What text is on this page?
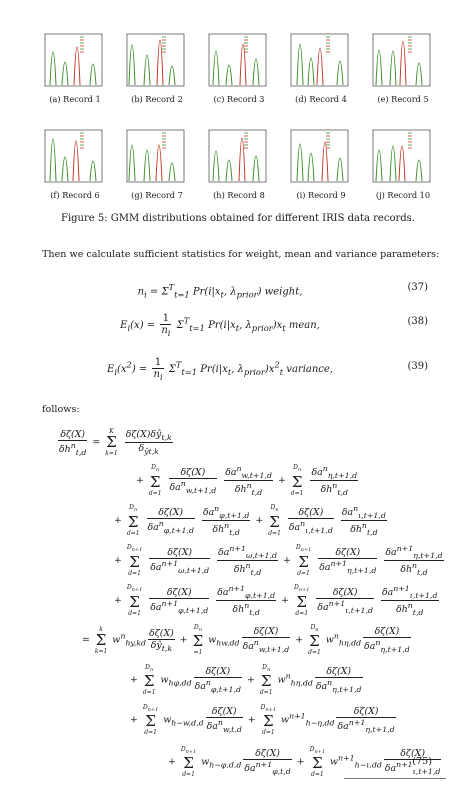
(a) Record 1	(b) Record 2	(c) Record 3	(d) Record 4	(e) Record 5
(f) Record 6	(g) Record 7	(h) Record 8	(i) Record 9	(j) Record 10
Figure 5: GMM distributions obtained for different IRIS data records.
Then we calculate sufficient statistics for weight, mean and variance parameters:
$n_i = \Sigma^T_{t=1}$ $Pr(i|x_t$, $\lambda_{prior}$) weight,	(37)
$E_i(x) = \frac{1}{n_i} \Sigma^T_{t=1}$ $Pr(i|x_t$, $\lambda_{prior})x_t$ mean,	(38)
$E_i(x^2) = \frac{1}{n_i} \Sigma^T_{t=1}$ $Pr(i|x_t$, $\lambda_{prior})x^2_t$ variance,	(39)
follows:
$\frac{\delta\zeta(X)}{\delta h^n_{t,d}}$ =
K
Σ
k=1
$\frac{\delta\zeta(X)\delta ŷ_{t,k}}{\delta_{ŷt,k}}$
+
$D_n$
Σ
d=1
$\frac{\delta\zeta(X)}{\delta a^n_{w,t+1,d}}$
$\frac{\delta a^n_{w,t+1,d}}{\delta h^n_{t,d}}$ +
$D_n$
Σ
d=1
$\frac{\delta a^n_{\eta,t+1,d}}{\delta h^n_{t,d}}$
+
$D_n$
Σ
d=1
$\frac{\delta\zeta(X)}{\delta a^n_{\varphi,t+1,d}}$
$\frac{\delta a^n_{\varphi,t+1,d}}{\delta h^n_{t,d}}$ +
$D_n$
Σ
d=1
$\frac{\delta\zeta(X)}{\delta a^n_{\iota,t+1,d}}$
$\frac{\delta a^n_{\iota,t+1,d}}{\delta h^n_{t,d}}$
+
$D_{n+1}$
Σ
d=1
$\frac{\delta\zeta(X)}{\delta a^{n+1}_{\omega,t+1,d}}$
$\frac{\delta a^{n+1}_{\omega,t+1,d}}{\delta h^n_{t,d}}$ +
$D_{n+1}$
Σ
d=1
$\frac{\delta\zeta(X)}{\delta a^{n+1}_{\eta,t+1,d}}$
$\frac{\delta a^{n+1}_{\eta,t+1,d}}{\delta h^n_{t,d}}$
+
$D_{n+1}$
Σ
d=1
$\frac{\delta\zeta(X)}{\delta a^{n+1}_{\varphi,t+1,d}}$
$\frac{\delta a^{n+1}_{\varphi,t+1,d}}{\delta h^n_{t,d}}$ +
$D_{n+1}$
Σ
d=1
$\frac{\delta\zeta(X)}{\delta a^{n+1}_{\iota,t+1,d}}$
$\frac{\delta a^{n+1}_{\iota,t+1,d}}{\delta h^n_{t,d}}$
=
k
Σ
k=1
$w^n_{hy,kd} \frac{\delta\zeta(X)}{\delta ŷ_{t,k}}$ +
$D_n$
Σ
=1
$w_{hw,dd} \frac{\delta\zeta(X)}{\delta a^n_{w,t+1,d}}$ +
$D_n$
Σ
d=1
$w^n_{h\eta,dd} \frac{\delta\zeta(X)}{\delta a^n_{\eta,t+1,d}}$
+
$D_n$
Σ
d=1
$w_{h\varphi,dd} \frac{\delta\zeta(X)}{\delta a^n_{\varphi,t+1,d}}$ +
$D_n$
Σ
d=1
$w^n_{h\eta,dd} \frac{\delta\zeta(X)}{\delta a^n_{\eta,t+1,d}}$
+
$D_{n+1}$
Σ
d=1
$w_{h-w,d,d} \frac{\delta\zeta(X)}{\delta a^n_{w,t,d}}$ +
$D_{n+1}$
Σ
d=1
$w^{n+1}_{h-\eta,dd} \frac{\delta\zeta(X)}{\delta a^{n+1}_{\eta,t+1,d}}$
+
$D_{n+1}$
Σ
d=1
$w_{h-\varphi,d,d} \frac{\delta\zeta(X)}{\delta a^{n+1}_{\varphi,t,d}}$ +
$D_{n+1}$
Σ
d=1
$w^{n+1}_{h-\iota,dd} \frac{\delta\zeta(X)}{\delta a^{n+1}_{\iota,t+1,d}}$
(75)
